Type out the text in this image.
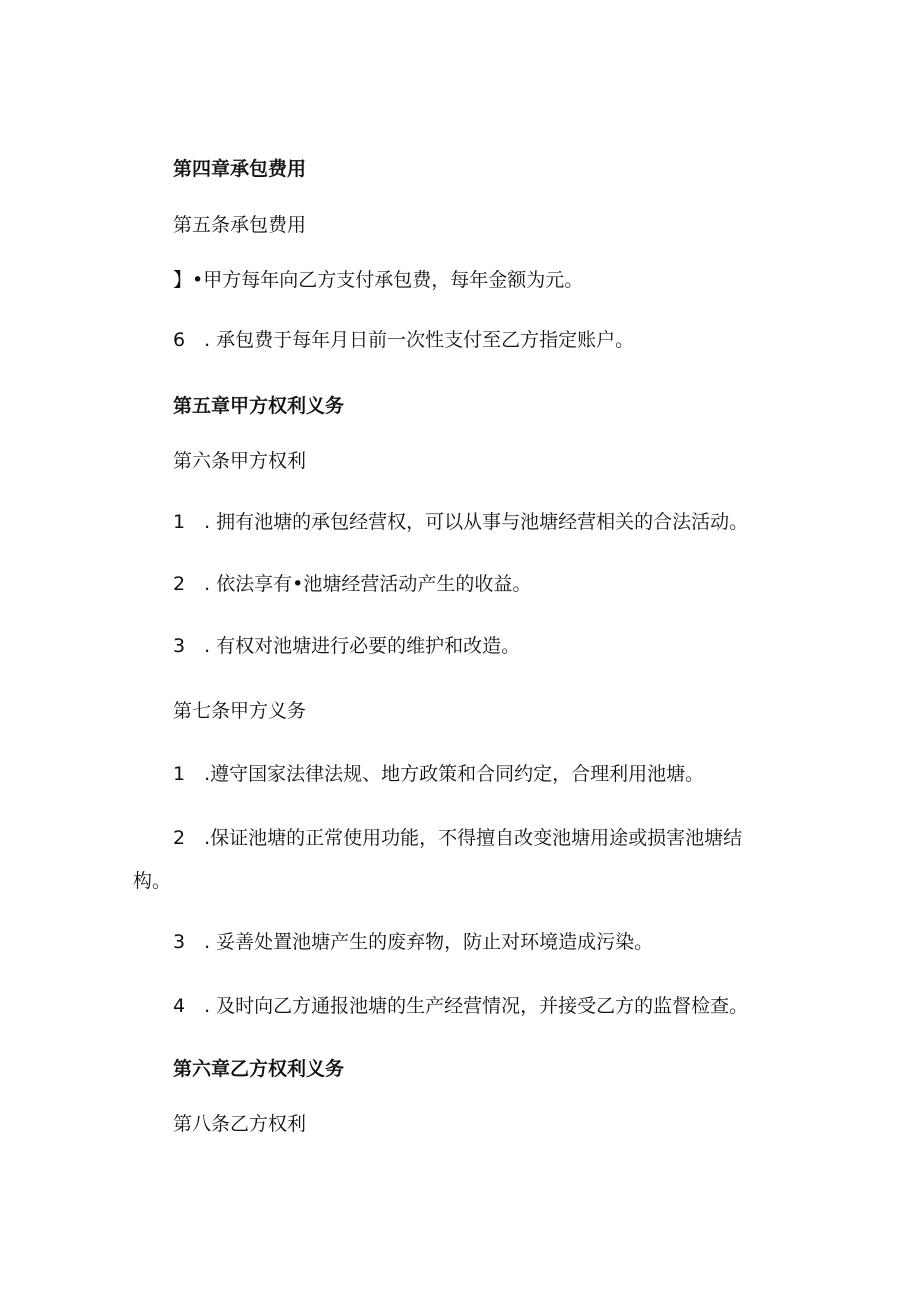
第四章承包费用
第五条承包费用
】•甲方每年向乙方支付承包费，每年金额为元。
6　. 承包费于每年月日前一次性支付至乙方指定账户。
第五章甲方权利义务
第六条甲方权利
1　. 拥有池塘的承包经营权，可以从事与池塘经营相关的合法活动。
2　. 依法享有•池塘经营活动产生的收益。
3　. 有权对池塘进行必要的维护和改造。
第七条甲方义务
1　.遵守国家法律法规、地方政策和合同约定，合理利用池塘。
2　.保证池塘的正常使用功能，不得擅自改变池塘用途或损害池塘结
构。
3　. 妥善处置池塘产生的废弃物，防止对环境造成污染。
4　. 及时向乙方通报池塘的生产经营情况，并接受乙方的监督检查。
第六章乙方权利义务
第八条乙方权利
